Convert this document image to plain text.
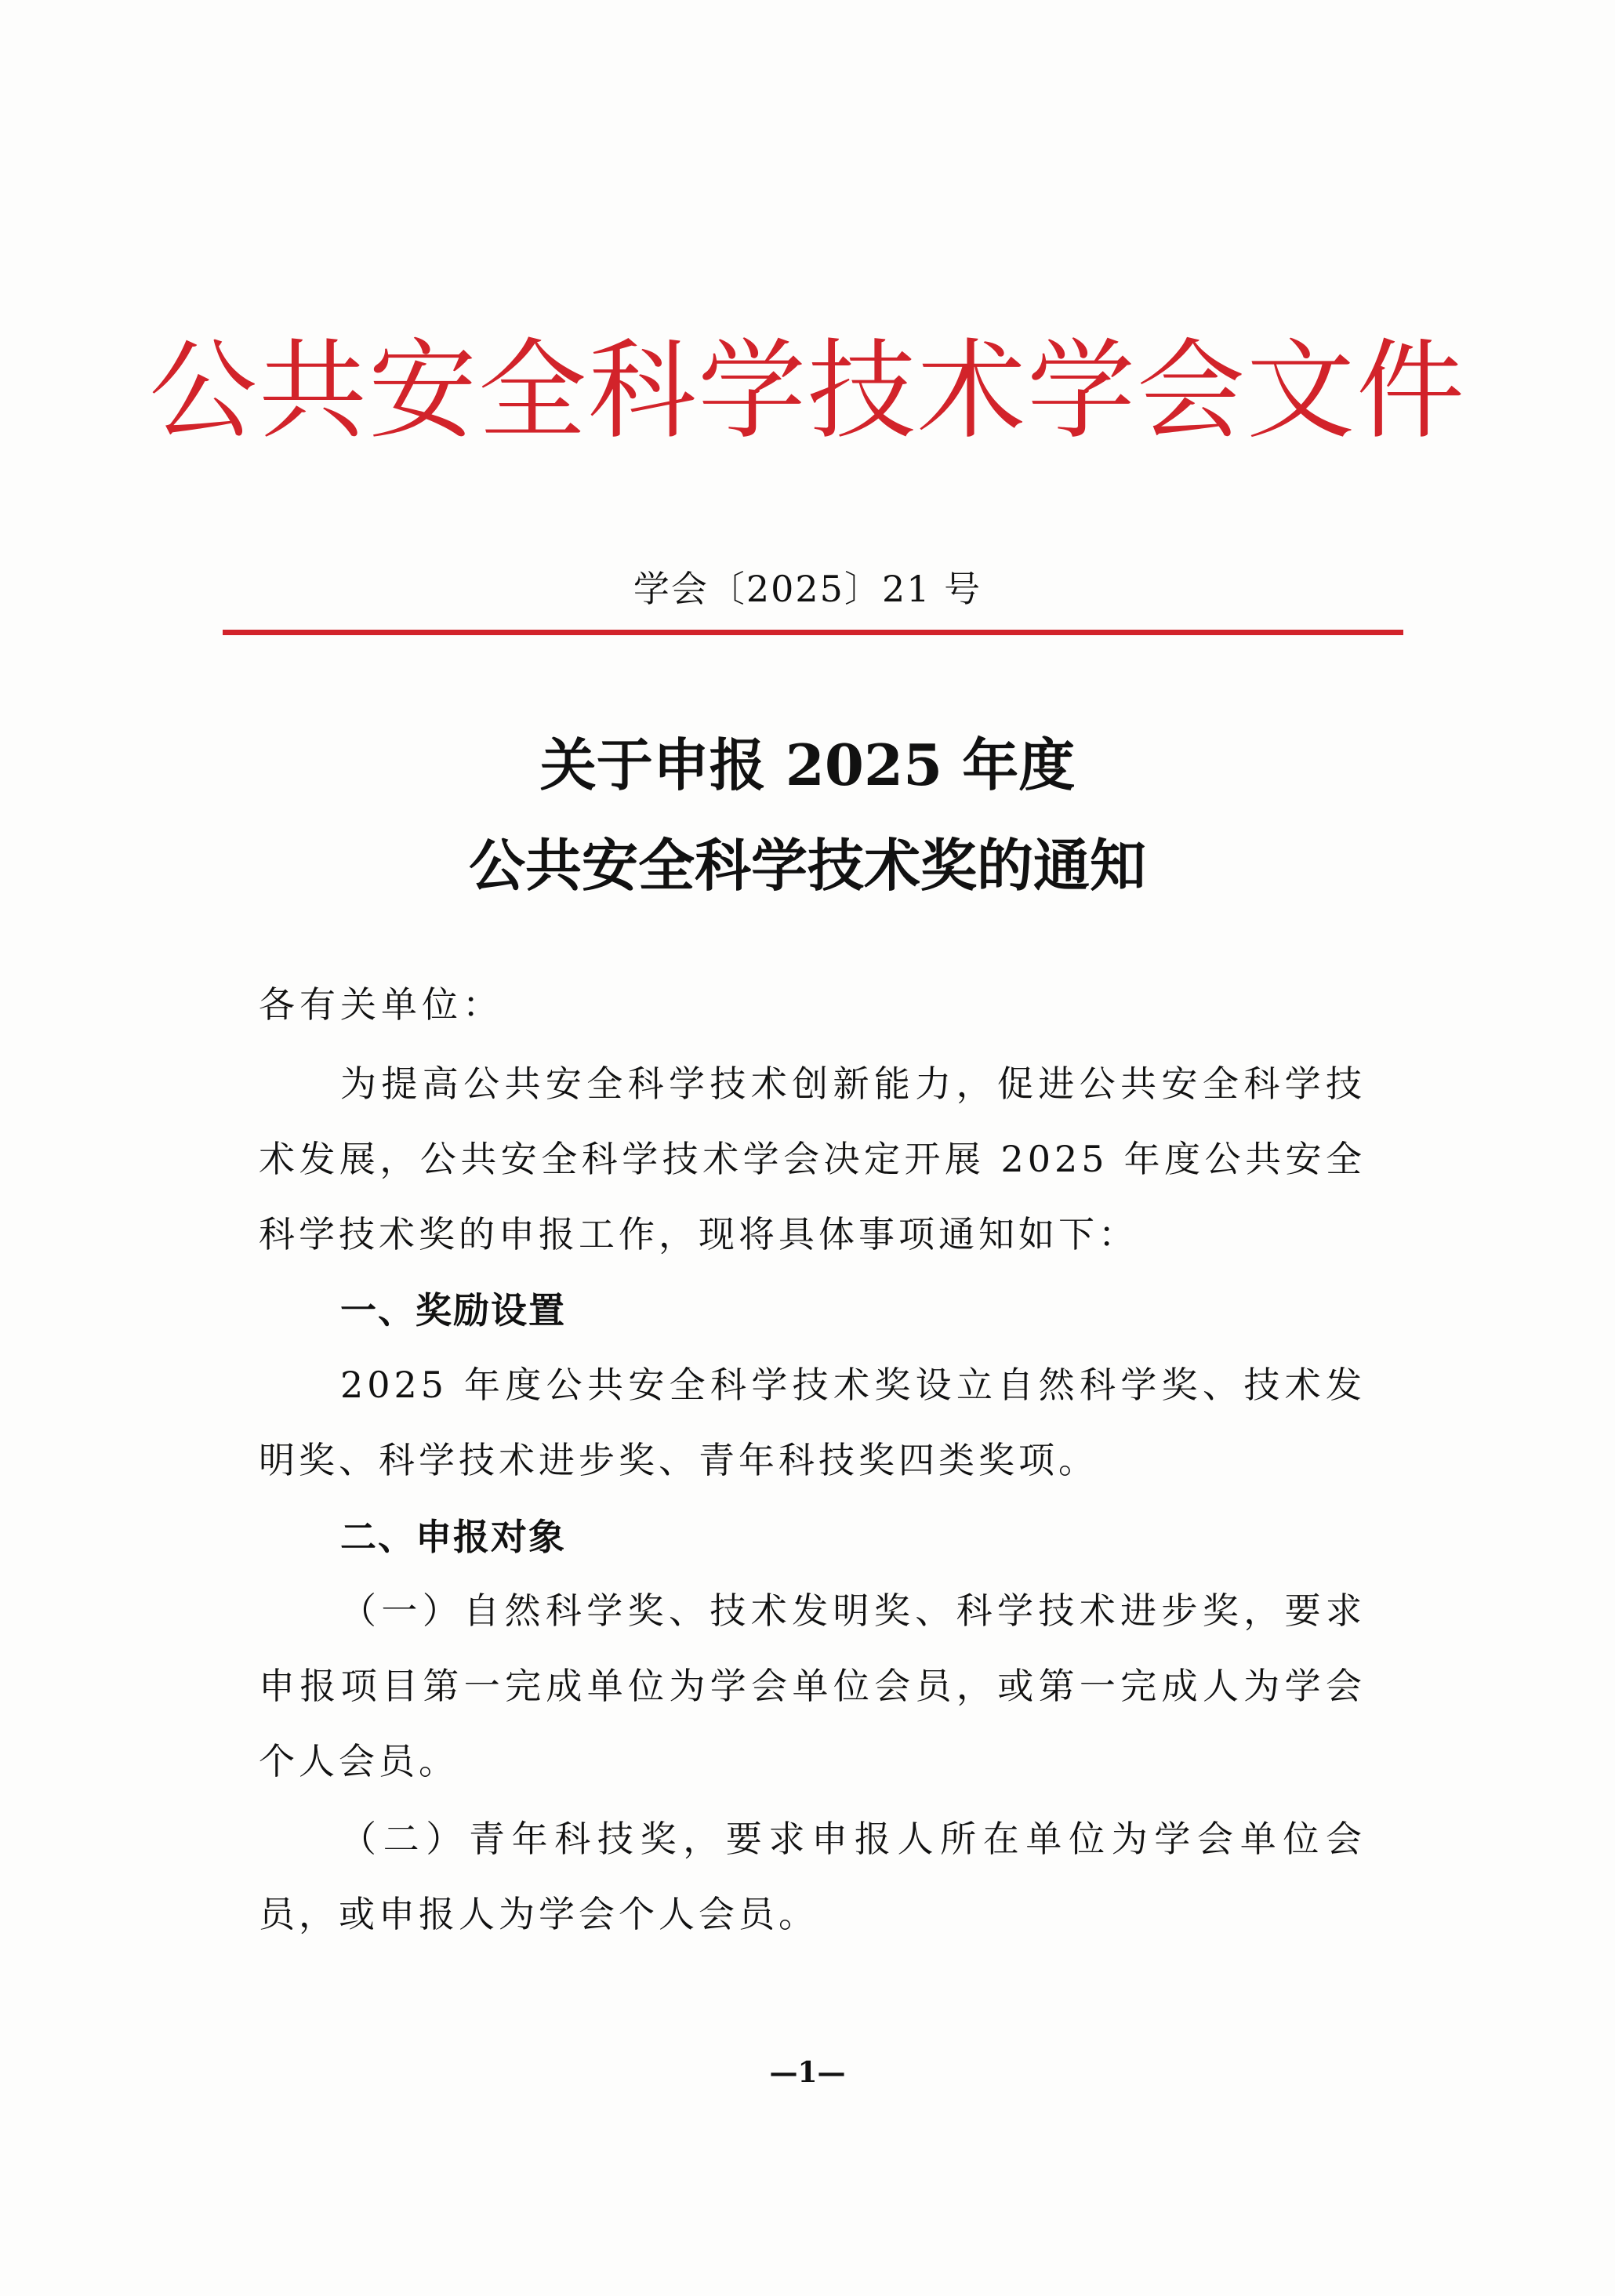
公共安全科学技术学会文件
学会〔2025〕21 号
关于申报 2025 年度
公共安全科学技术奖的通知
各有关单位：

为提高公共安全科学技术创新能力，促进公共安全科学技术发展，公共安全科学技术学会决定开展 2025 年度公共安全科学技术奖的申报工作，现将具体事项通知如下：

一、奖励设置

2025 年度公共安全科学技术奖设立自然科学奖、技术发明奖、科学技术进步奖、青年科技奖四类奖项。

二、申报对象

（一）自然科学奖、技术发明奖、科学技术进步奖，要求申报项目第一完成单位为学会单位会员，或第一完成人为学会个人会员。

（二）青年科技奖，要求申报人所在单位为学会单位会员，或申报人为学会个人会员。

—1—
